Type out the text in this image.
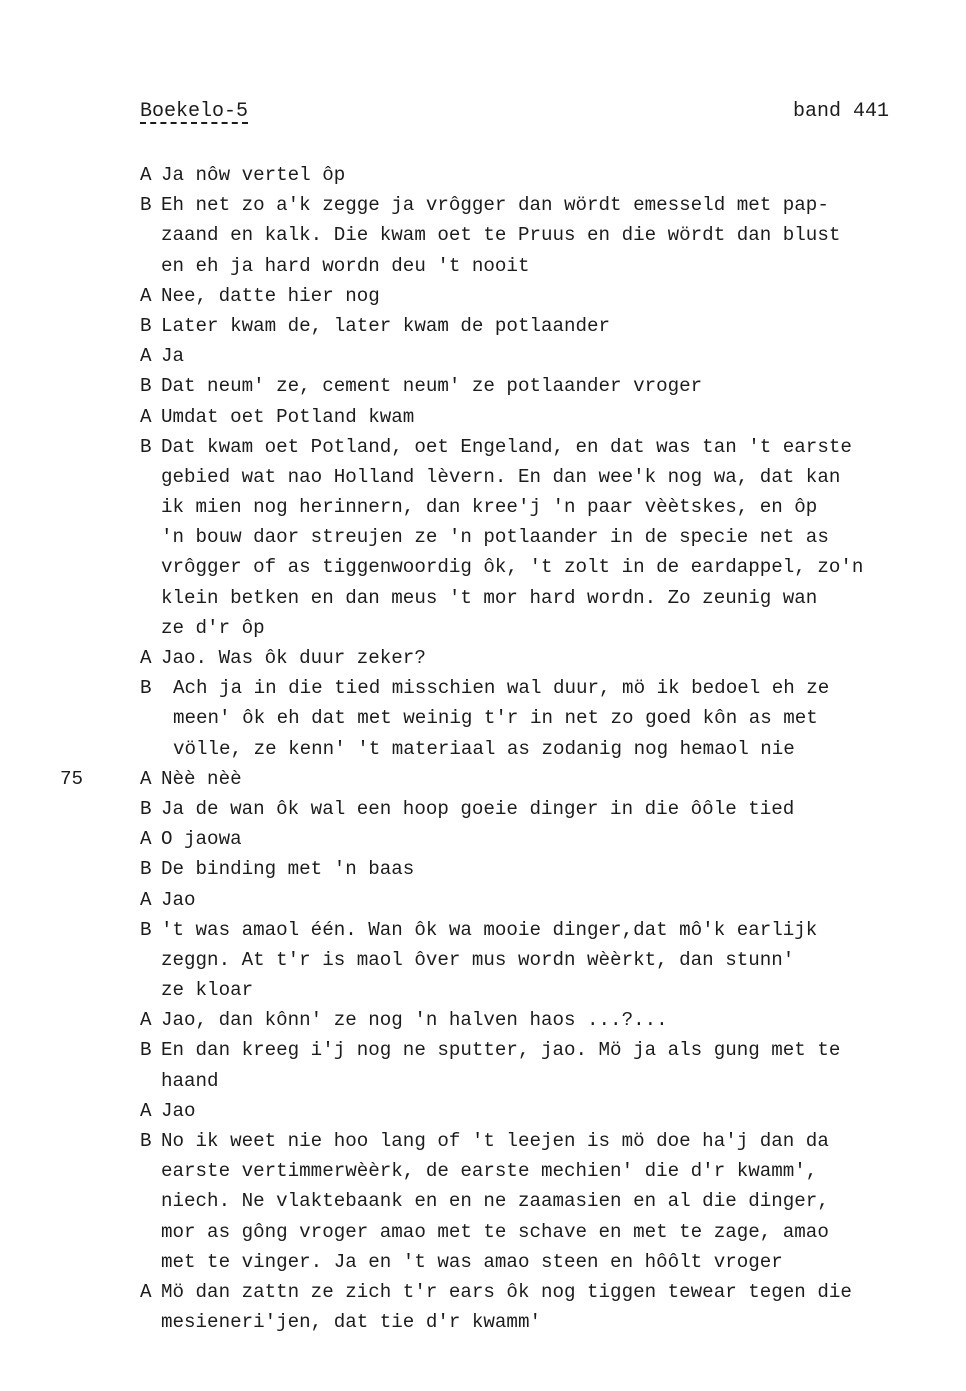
Boekelo-5	band 441
A Ja nôw vertel ôp
B Eh net zo a'k zegge ja vrôgger dan wördt emesseld met pap-
zaand en kalk. Die kwam oet te Pruus en die wördt dan blust
en eh ja hard wordn deu 't nooit
A Nee, datte hier nog
B Later kwam de, later kwam de potlaander
A Ja
B Dat neum' ze, cement neum' ze potlaander vroger
A Umdat oet Potland kwam
B Dat kwam oet Potland, oet Engeland, en dat was tan 't earste
gebied wat nao Holland lèvern. En dan wee'k nog wa, dat kan
ik mien nog herinnern, dan kree'j 'n paar vèètskes, en ôp
'n bouw daor streujen ze 'n potlaander in de specie net as
vrôgger of as tiggenwoordig ôk, 't zolt in de eardappel, zo'n
klein betken en dan meus 't mor hard wordn. Zo zeunig wan
ze d'r ôp
A Jao. Was ôk duur zeker?
B Ach ja in die tied misschien wal duur, mö ik bedoel eh ze
meen' ôk eh dat met weinig t'r in net zo goed kôn as met
völle, ze kenn' 't materiaal as zodanig nog hemaol nie
75	A Nèè nèè
B Ja de wan ôk wal een hoop goeie dinger in die ôôle tied
A O jaowa
B De binding met 'n baas
A Jao
B 't was amaol één. Wan ôk wa mooie dinger,dat mô'k earlijk
zeggn. At t'r is maol ôver mus wordn wèèrkt, dan stunn'
ze kloar
A Jao, dan kônn' ze nog 'n halven haos ...?...
B En dan kreeg i'j nog ne sputter, jao. Mö ja als gung met te
haand
A Jao
B No ik weet nie hoo lang of 't leejen is mö doe ha'j dan da
earste vertimmerwèèrk, de earste mechien' die d'r kwamm',
niech. Ne vlaktebaank en en ne zaamasien en al die dinger,
mor as gông vroger amao met te schave en met te zage, amao
met te vinger. Ja en 't was amao steen en hôôlt vroger
A Mö dan zattn ze zich t'r ears ôk nog tiggen tewear tegen die
mesieneri'jen, dat tie d'r kwamm'
